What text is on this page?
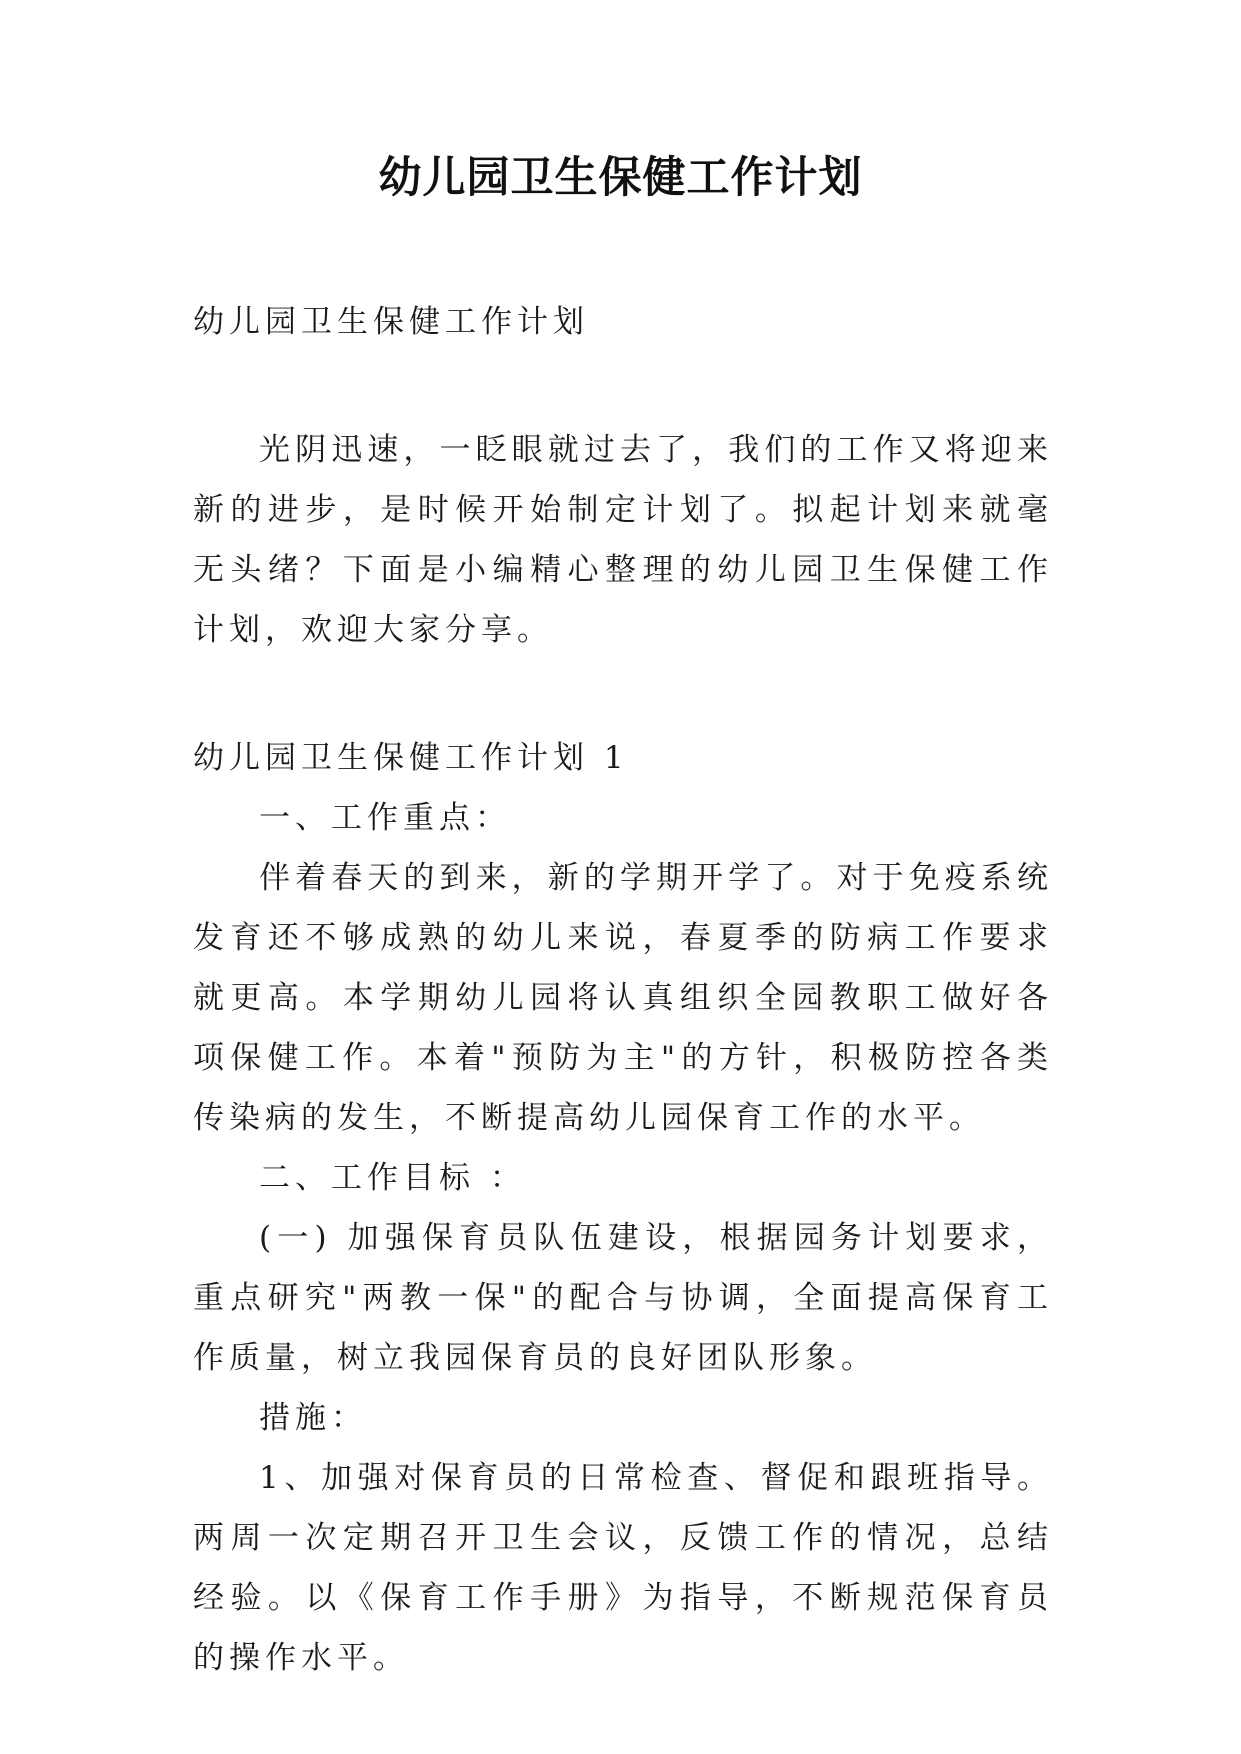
幼儿园卫生保健工作计划

幼儿园卫生保健工作计划

光阴迅速，一眨眼就过去了，我们的工作又将迎来新的进步，是时候开始制定计划了。拟起计划来就毫无头绪？下面是小编精心整理的幼儿园卫生保健工作计划，欢迎大家分享。

幼儿园卫生保健工作计划 1

一、工作重点：

伴着春天的到来，新的学期开学了。对于免疫系统发育还不够成熟的幼儿来说，春夏季的防病工作要求就更高。本学期幼儿园将认真组织全园教职工做好各项保健工作。本着"预防为主"的方针，积极防控各类传染病的发生，不断提高幼儿园保育工作的水平。

二、工作目标 ：

(一) 加强保育员队伍建设，根据园务计划要求，重点研究"两教一保"的配合与协调，全面提高保育工作质量，树立我园保育员的良好团队形象。

措施：

1、加强对保育员的日常检查、督促和跟班指导。两周一次定期召开卫生会议，反馈工作的情况，总结经验。以《保育工作手册》为指导，不断规范保育员的操作水平。
